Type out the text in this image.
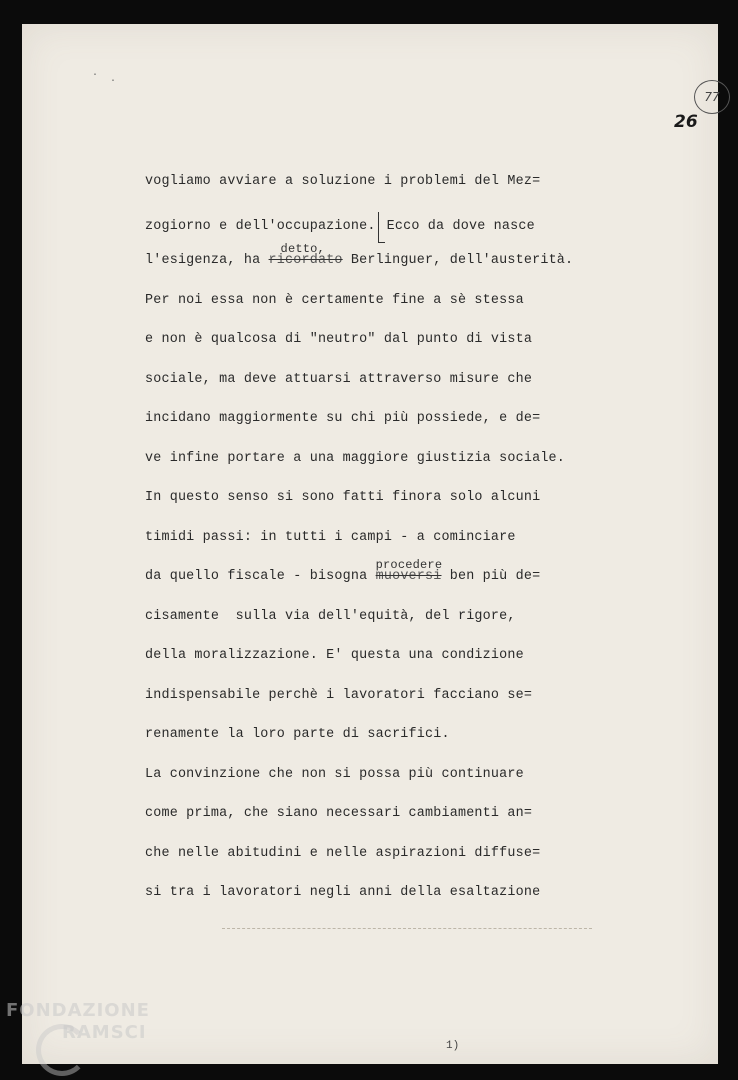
77
26
·
·
vogliamo avviare a soluzione i problemi del Mez=
zogiorno e dell'occupazione. Ecco da dove nasce
l'esigenza, ha
detto,
ricordato Berlinguer, dell'austerità.
Per noi essa non è certamente fine a sè stessa
e non è qualcosa di "neutro" dal punto di vista
sociale, ma deve attuarsi attraverso misure che
incidano maggiormente su chi più possiede, e de=
ve infine portare a una maggiore giustizia sociale.
In questo senso si sono fatti finora solo alcuni
timidi passi: in tutti i campi - a cominciare
da quello fiscale - bisogna
procedere
muoversi ben più de=
cisamente  sulla via dell'equità, del rigore,
della moralizzazione. E' questa una condizione
indispensabile perchè i lavoratori facciano se=
renamente la loro parte di sacrifici.
La convinzione che non si possa più continuare
come prima, che siano necessari cambiamenti an=
che nelle abitudini e nelle aspirazioni diffuse=
si tra i lavoratori negli anni della esaltazione
1)
FONDAZIONE
RAMSCI
